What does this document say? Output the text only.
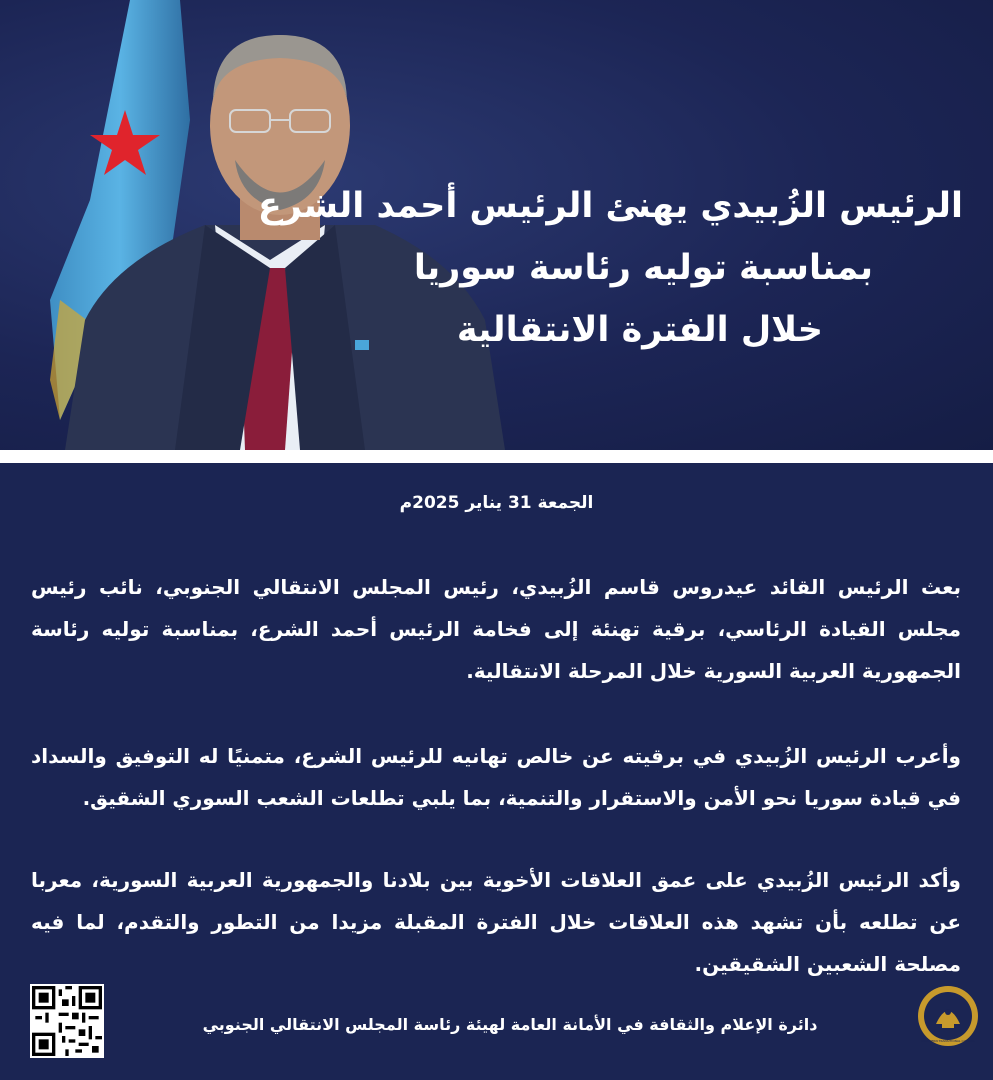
الرئيس الزُبيدي يهنئ الرئيس أحمد الشرع
بمناسبة توليه رئاسة سوريا
خلال الفترة الانتقالية
الجمعة 31 يناير 2025م
بعث الرئيس القائد عيدروس قاسم الزُبيدي، رئيس المجلس الانتقالي الجنوبي، نائب رئيس مجلس القيادة الرئاسي، برقية تهنئة إلى فخامة الرئيس أحمد الشرع، بمناسبة توليه رئاسة الجمهورية العربية السورية خلال المرحلة الانتقالية.
وأعرب الرئيس الزُبيدي في برقيته عن خالص تهانيه للرئيس الشرع، متمنيًا له التوفيق والسداد في قيادة سوريا نحو الأمن والاستقرار والتنمية، بما يلبي تطلعات الشعب السوري الشقيق.
وأكد الرئيس الزُبيدي على عمق العلاقات الأخوية بين بلادنا والجمهورية العربية السورية، معربا عن تطلعه بأن تشهد هذه العلاقات خلال الفترة المقبلة مزيدا من التطور والتقدم، لما فيه مصلحة الشعبين الشقيقين.
دائرة الإعلام والثقافة في الأمانة العامة لهيئة رئاسة المجلس الانتقالي الجنوبي
SOUTHERN TRANSITIONAL COUNCIL
